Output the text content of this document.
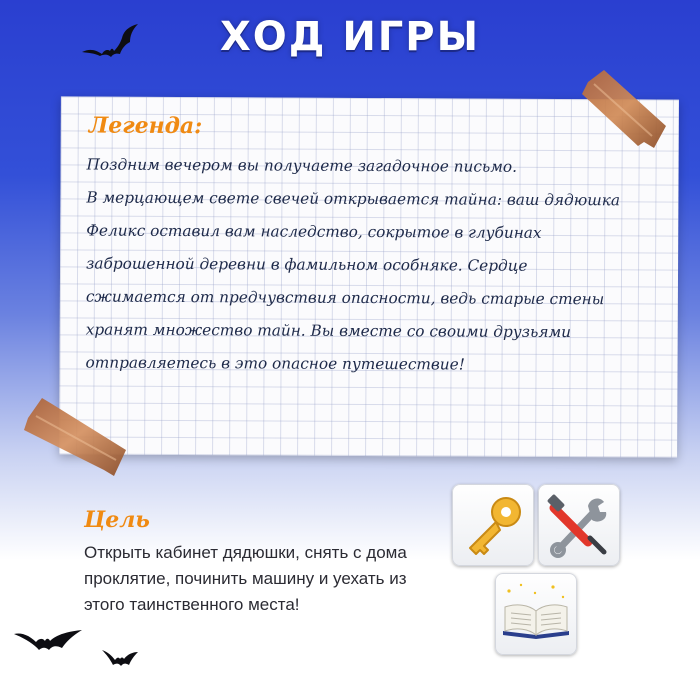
ХОД ИГРЫ
Легенда:
Поздним вечером вы получаете загадочное письмо.
В мерцающем свете свечей открывается тайна: ваш дядюшка
Феликс оставил вам наследство, сокрытое в глубинах
заброшенной деревни в фамильном особняке. Сердце
сжимается от предчувствия опасности, ведь старые стены
хранят множество тайн. Вы вместе со своими друзьями
отправляетесь в это опасное путешествие!
Цель
Открыть кабинет дядюшки, снять с дома
проклятие, починить машину и уехать из
этого таинственного места!
